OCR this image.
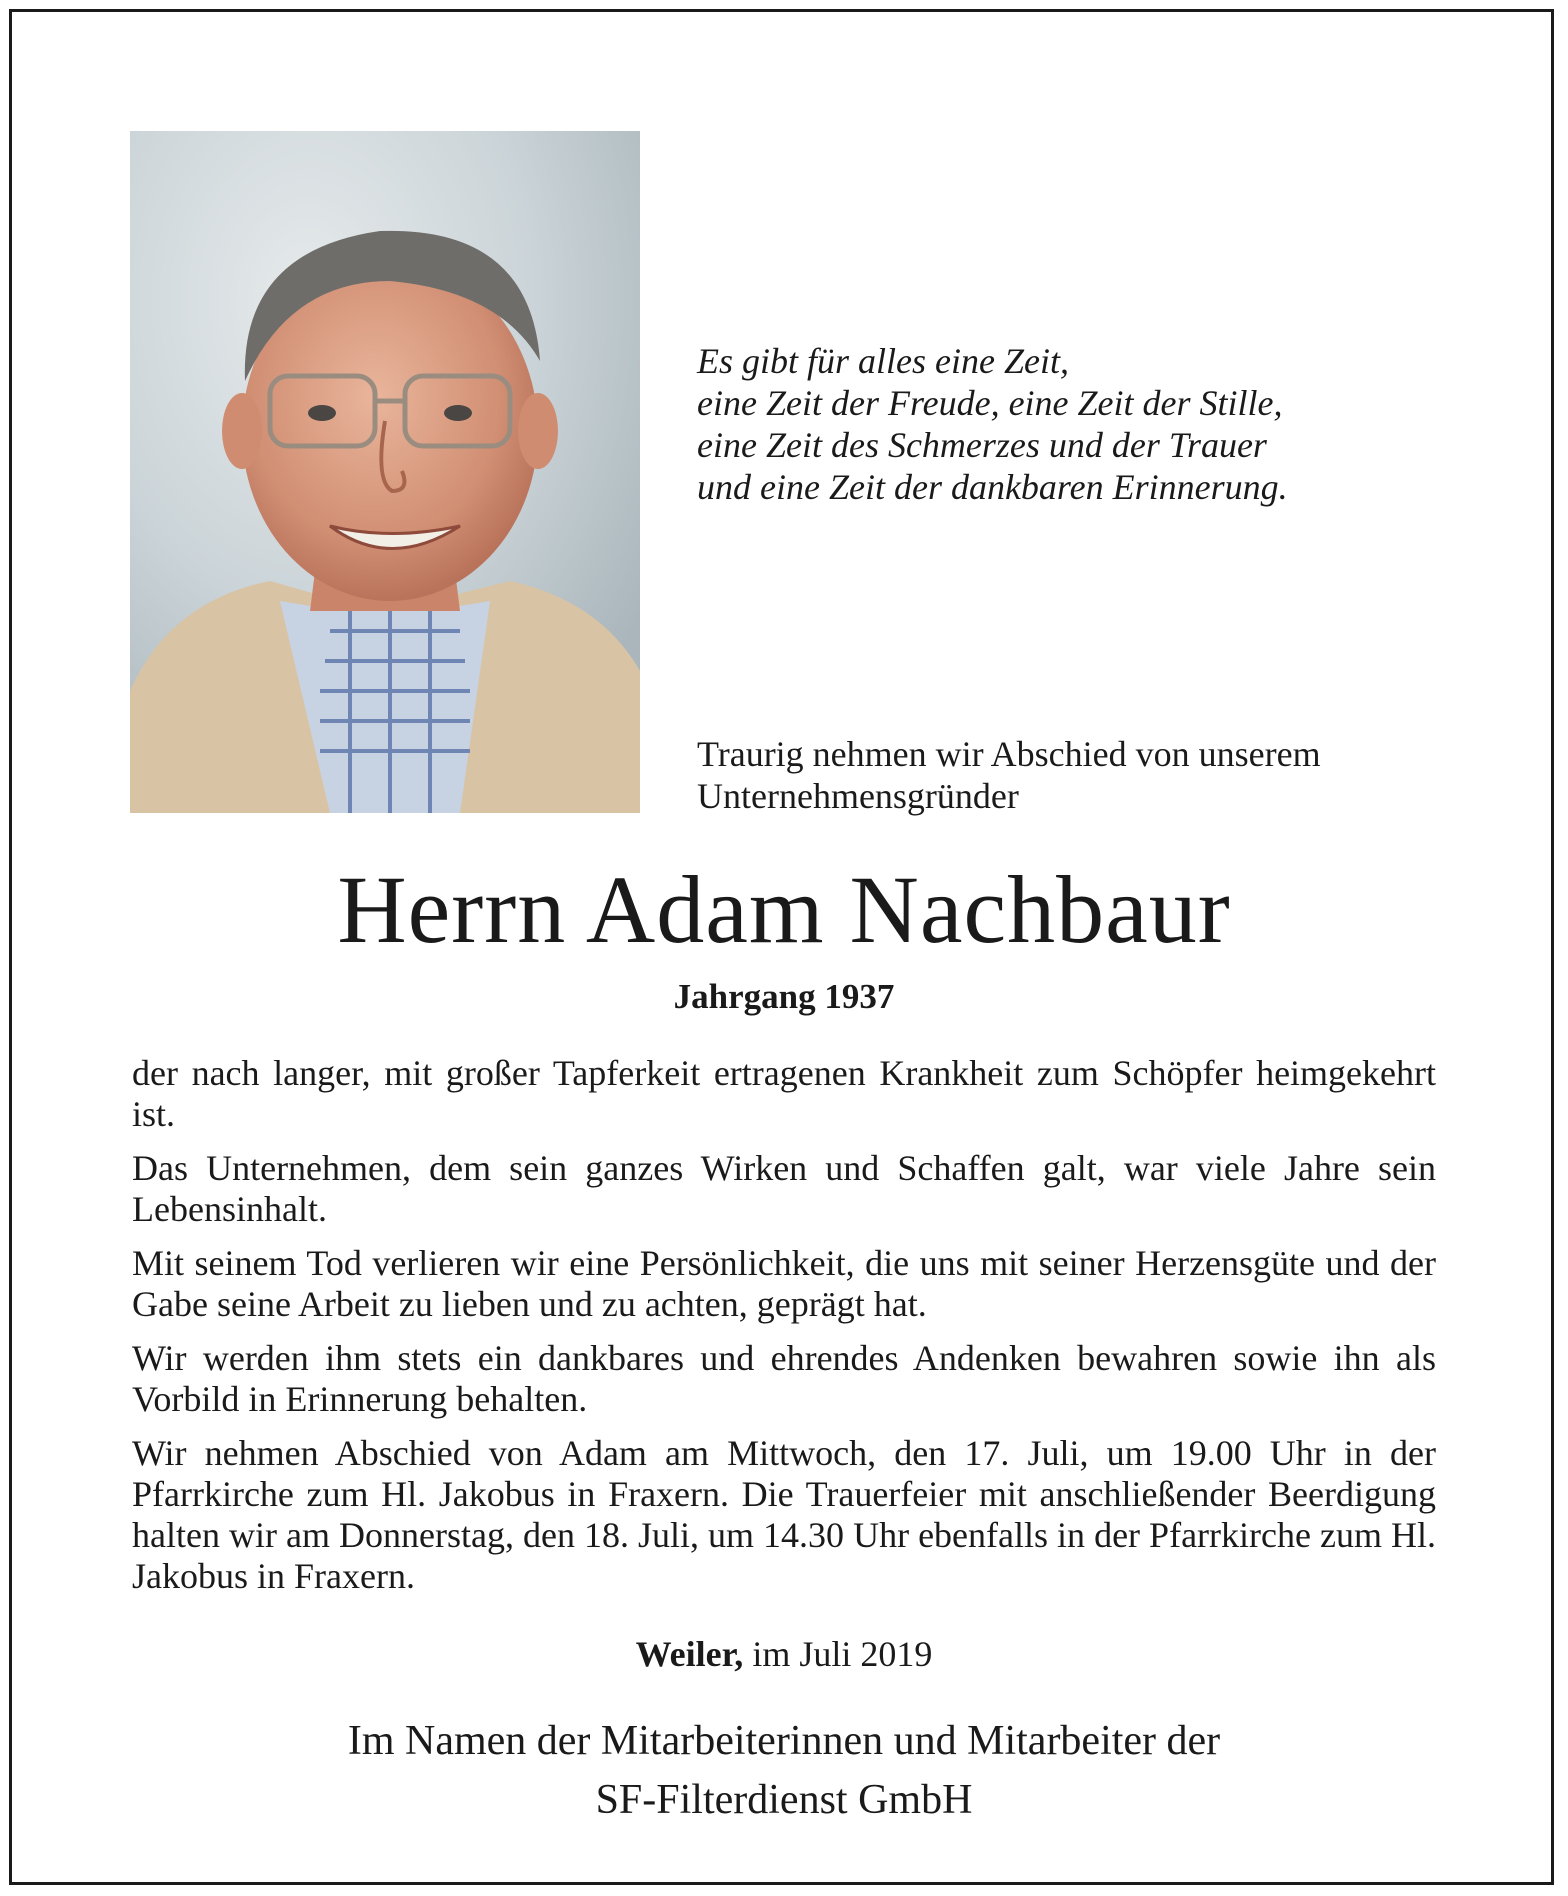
Es gibt für alles eine Zeit,
eine Zeit der Freude, eine Zeit der Stille,
eine Zeit des Schmerzes und der Trauer
und eine Zeit der dankbaren Erinnerung.
Traurig nehmen wir Abschied von unserem
Unternehmensgründer
Herrn Adam Nachbaur
Jahrgang 1937

der nach langer, mit großer Tapferkeit ertragenen Krankheit zum Schöpfer heimgekehrt ist.

Das Unternehmen, dem sein ganzes Wirken und Schaffen galt, war viele Jahre sein Lebensinhalt.

Mit seinem Tod verlieren wir eine Persönlichkeit, die uns mit seiner Herzensgüte und der Gabe seine Arbeit zu lieben und zu achten, geprägt hat.

Wir werden ihm stets ein dankbares und ehrendes Andenken bewahren sowie ihn als Vorbild in Erinnerung behalten.

Wir nehmen Abschied von Adam am Mittwoch, den 17. Juli, um 19.00 Uhr in der Pfarrkirche zum Hl. Jakobus in Fraxern. Die Trauerfeier mit anschließender Beerdigung halten wir am Donnerstag, den 18. Juli, um 14.30 Uhr ebenfalls in der Pfarrkirche zum Hl. Jakobus in Fraxern.

Weiler, im Juli 2019
Im Namen der Mitarbeiterinnen und Mitarbeiter der
SF-Filterdienst GmbH
